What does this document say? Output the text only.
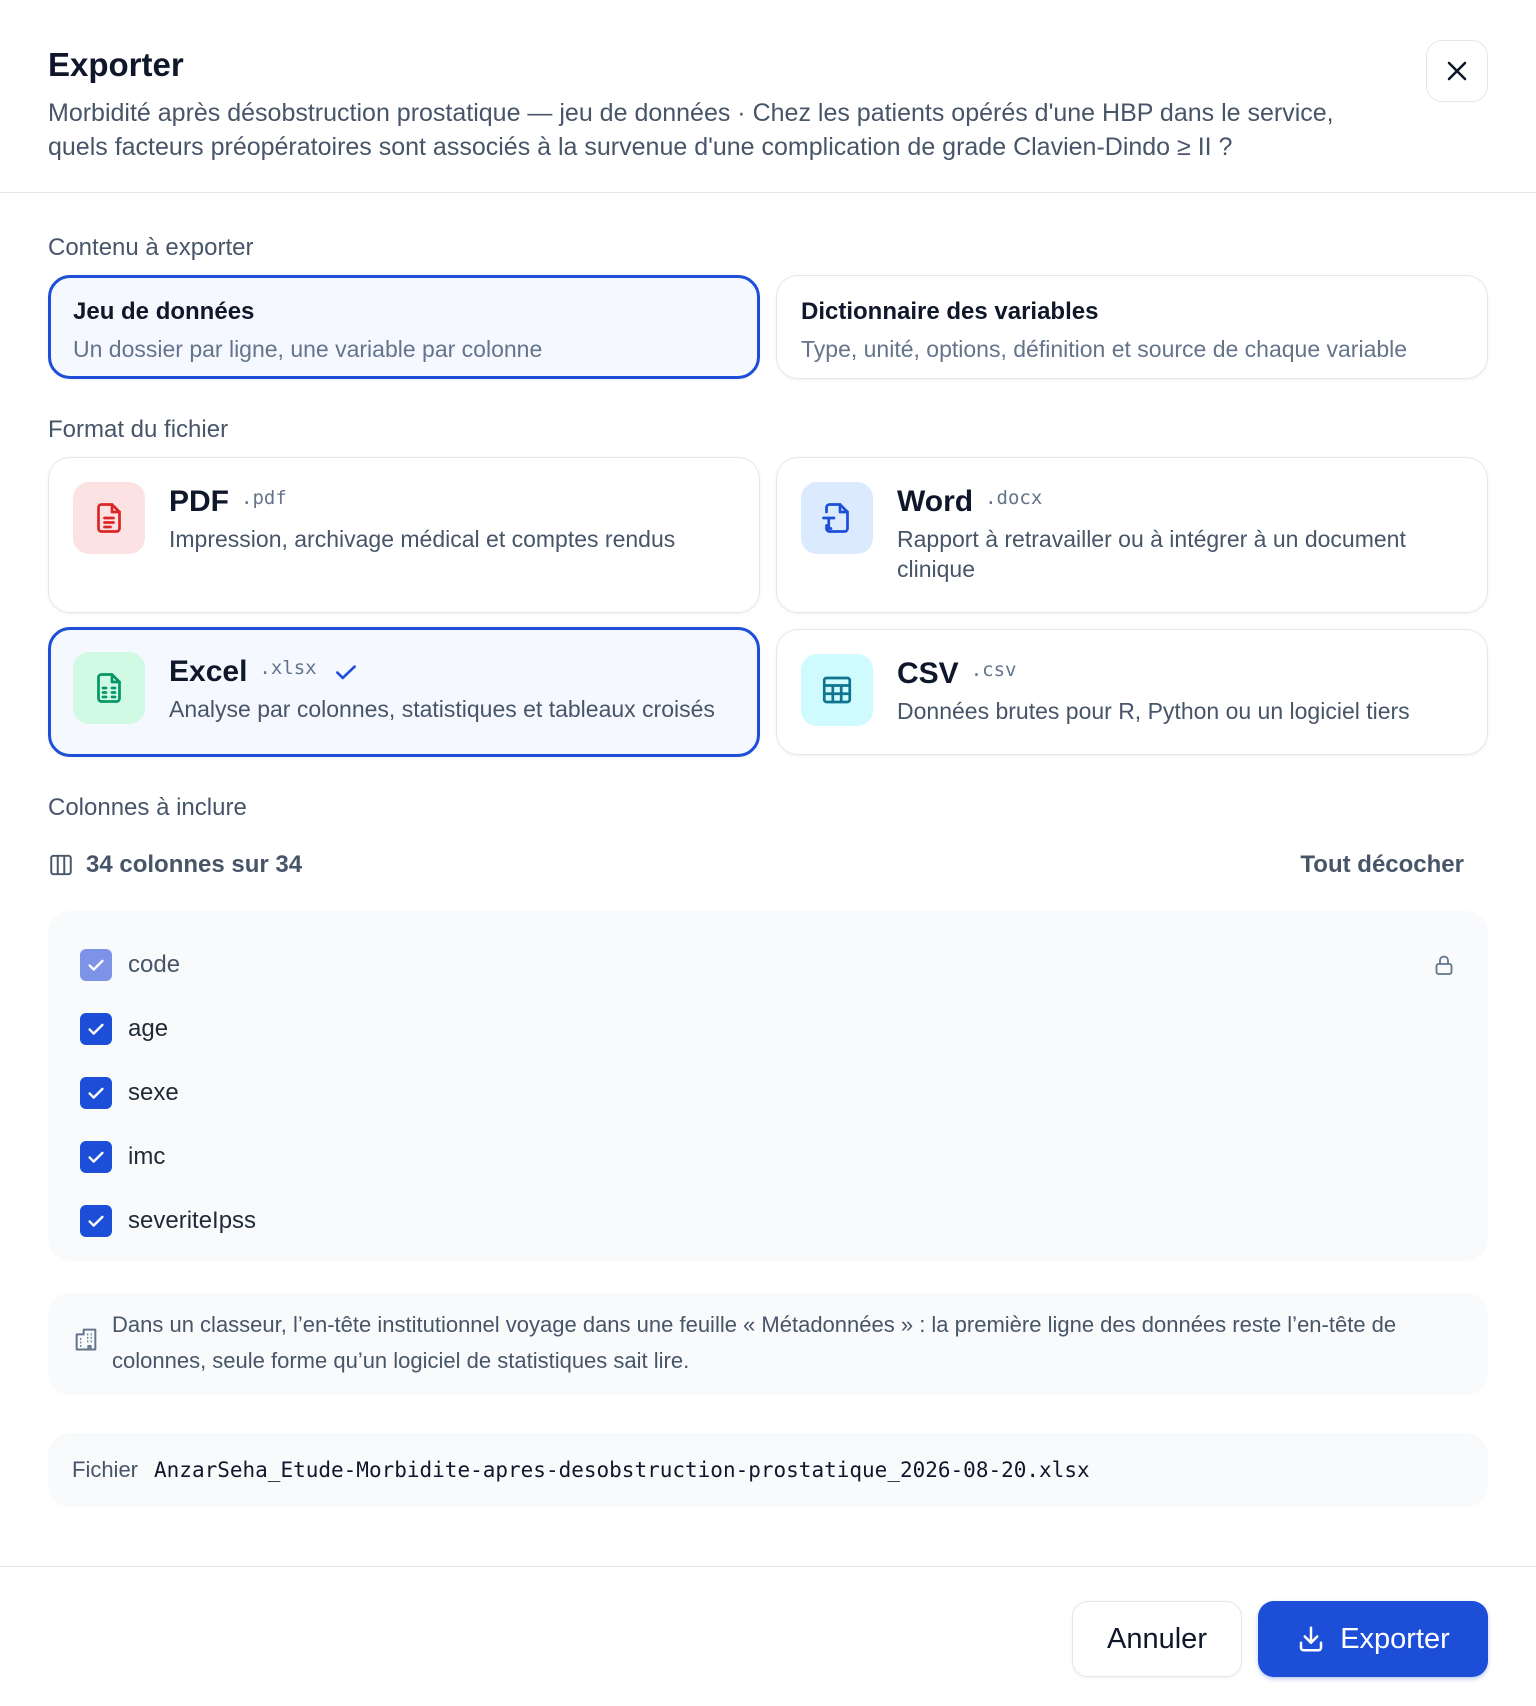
Exporter
Morbidité après désobstruction prostatique — jeu de données · Chez les patients opérés d'une HBP dans le service, quels facteurs préopératoires sont associés à la survenue d'une complication de grade Clavien-Dindo ≥ II ?
Contenu à exporter
Jeu de données
Un dossier par ligne, une variable par colonne
Dictionnaire des variables
Type, unité, options, définition et source de chaque variable
Format du fichier
PDF .pdf
Impression, archivage médical et comptes rendus
Word .docx
Rapport à retravailler ou à intégrer à un document clinique
Excel .xlsx
Analyse par colonnes, statistiques et tableaux croisés
CSV .csv
Données brutes pour R, Python ou un logiciel tiers
Colonnes à inclure
34 colonnes sur 34	Tout décocher
code
age
sexe
imc
severiteIpss
Dans un classeur, l’en-tête institutionnel voyage dans une feuille « Métadonnées » : la première ligne des données reste l’en-tête de colonnes, seule forme qu’un logiciel de statistiques sait lire.
Fichier AnzarSeha_Etude-Morbidite-apres-desobstruction-prostatique_2026-08-20.xlsx
Annuler	Exporter
